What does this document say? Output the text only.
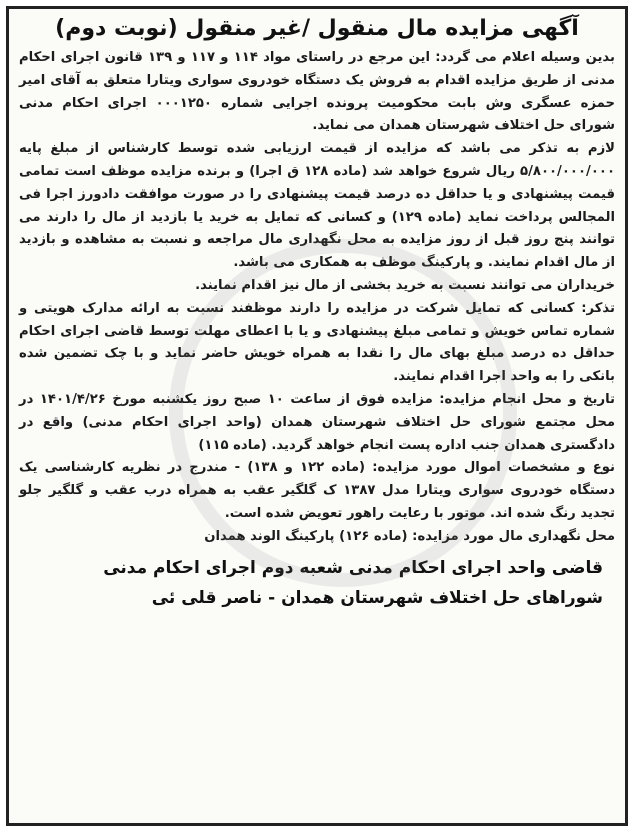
آگهی مزایده مال منقول /غیر منقول (نوبت دوم)

بدین وسیله اعلام می گردد: این مرجع در راستای مواد ۱۱۴ و ۱۱۷ و ۱۳۹ قانون اجرای احکام مدنی از طریق مزایده اقدام به فروش یک دستگاه خودروی سواری ویتارا متعلق به آقای امیر حمزه عسگری وش بابت محکومیت پرونده اجرایی شماره ۰۰۰۱۲۵۰ اجرای احکام مدنی شورای حل اختلاف شهرستان همدان می نماید.

لازم به تذکر می باشد که مزایده از قیمت ارزیابی شده توسط کارشناس از مبلغ پایه ۵/۸۰۰/۰۰۰/۰۰۰ ریال شروع خواهد شد (ماده ۱۲۸ ق اجرا) و برنده مزایده موظف است تمامی قیمت پیشنهادی و یا حداقل ده درصد قیمت پیشنهادی را در صورت موافقت دادورز اجرا فی المجالس پرداخت نماید (ماده ۱۲۹) و کسانی که تمایل به خرید یا بازدید از مال را دارند می توانند پنج روز قبل از روز مزایده به محل نگهداری مال مراجعه و نسبت به مشاهده و بازدید از مال اقدام نمایند. و پارکینگ موظف به همکاری می باشد.

خریداران می توانند نسبت به خرید بخشی از مال نیز اقدام نمایند.

تذکر: کسانی که تمایل شرکت در مزایده را دارند موظفند نسبت به ارائه مدارک هویتی و شماره تماس خویش و تمامی مبلغ پیشنهادی و یا با اعطای مهلت توسط قاضی اجرای احکام حداقل ده درصد مبلغ بهای مال را نقدا به همراه خویش حاضر نماید و با چک تضمین شده بانکی را به واحد اجرا اقدام نمایند.

تاریخ و محل انجام مزایده: مزایده فوق از ساعت ۱۰ صبح روز یکشنبه مورخ ۱۴۰۱/۴/۲۶ در محل مجتمع شورای حل اختلاف شهرستان همدان (واحد اجرای احکام مدنی) واقع در دادگستری همدان جنب اداره پست انجام خواهد گردید. (ماده ۱۱۵)

نوع و مشخصات اموال مورد مزایده: (ماده ۱۲۲ و ۱۳۸) - مندرج در نظریه کارشناسی یک دستگاه خودروی سواری ویتارا مدل ۱۳۸۷ ک گلگیر عقب به همراه درب عقب و گلگیر جلو تجدید رنگ شده اند. موتور با رعایت راهور تعویض شده است.

محل نگهداری مال مورد مزایده: (ماده ۱۲۶) پارکینگ الوند همدان

قاضی واحد اجرای احکام مدنی شعبه دوم اجرای احکام مدنی شوراهای حل اختلاف شهرستان همدان - ناصر قلی ئی
